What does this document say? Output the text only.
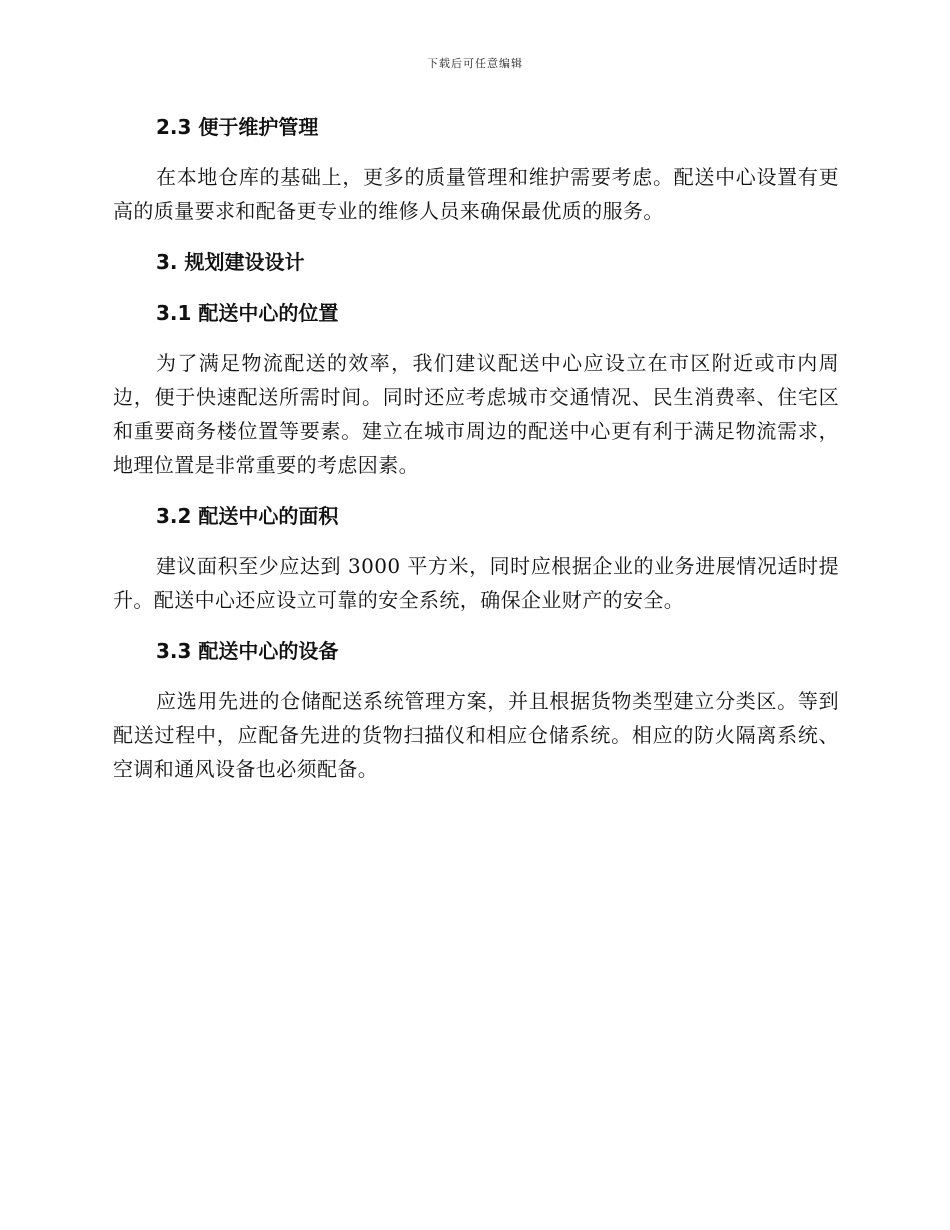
下载后可任意编辑
2.3 便于维护管理

在本地仓库的基础上，更多的质量管理和维护需要考虑。配送中心设置有更高的质量要求和配备更专业的维修人员来确保最优质的服务。

3. 规划建设设计
3.1 配送中心的位置

为了满足物流配送的效率，我们建议配送中心应设立在市区附近或市内周边，便于快速配送所需时间。同时还应考虑城市交通情况、民生消费率、住宅区和重要商务楼位置等要素。建立在城市周边的配送中心更有利于满足物流需求，地理位置是非常重要的考虑因素。

3.2 配送中心的面积

建议面积至少应达到 3000 平方米，同时应根据企业的业务进展情况适时提升。配送中心还应设立可靠的安全系统，确保企业财产的安全。

3.3 配送中心的设备

应选用先进的仓储配送系统管理方案，并且根据货物类型建立分类区。等到配送过程中，应配备先进的货物扫描仪和相应仓储系统。相应的防火隔离系统、空调和通风设备也必须配备。
